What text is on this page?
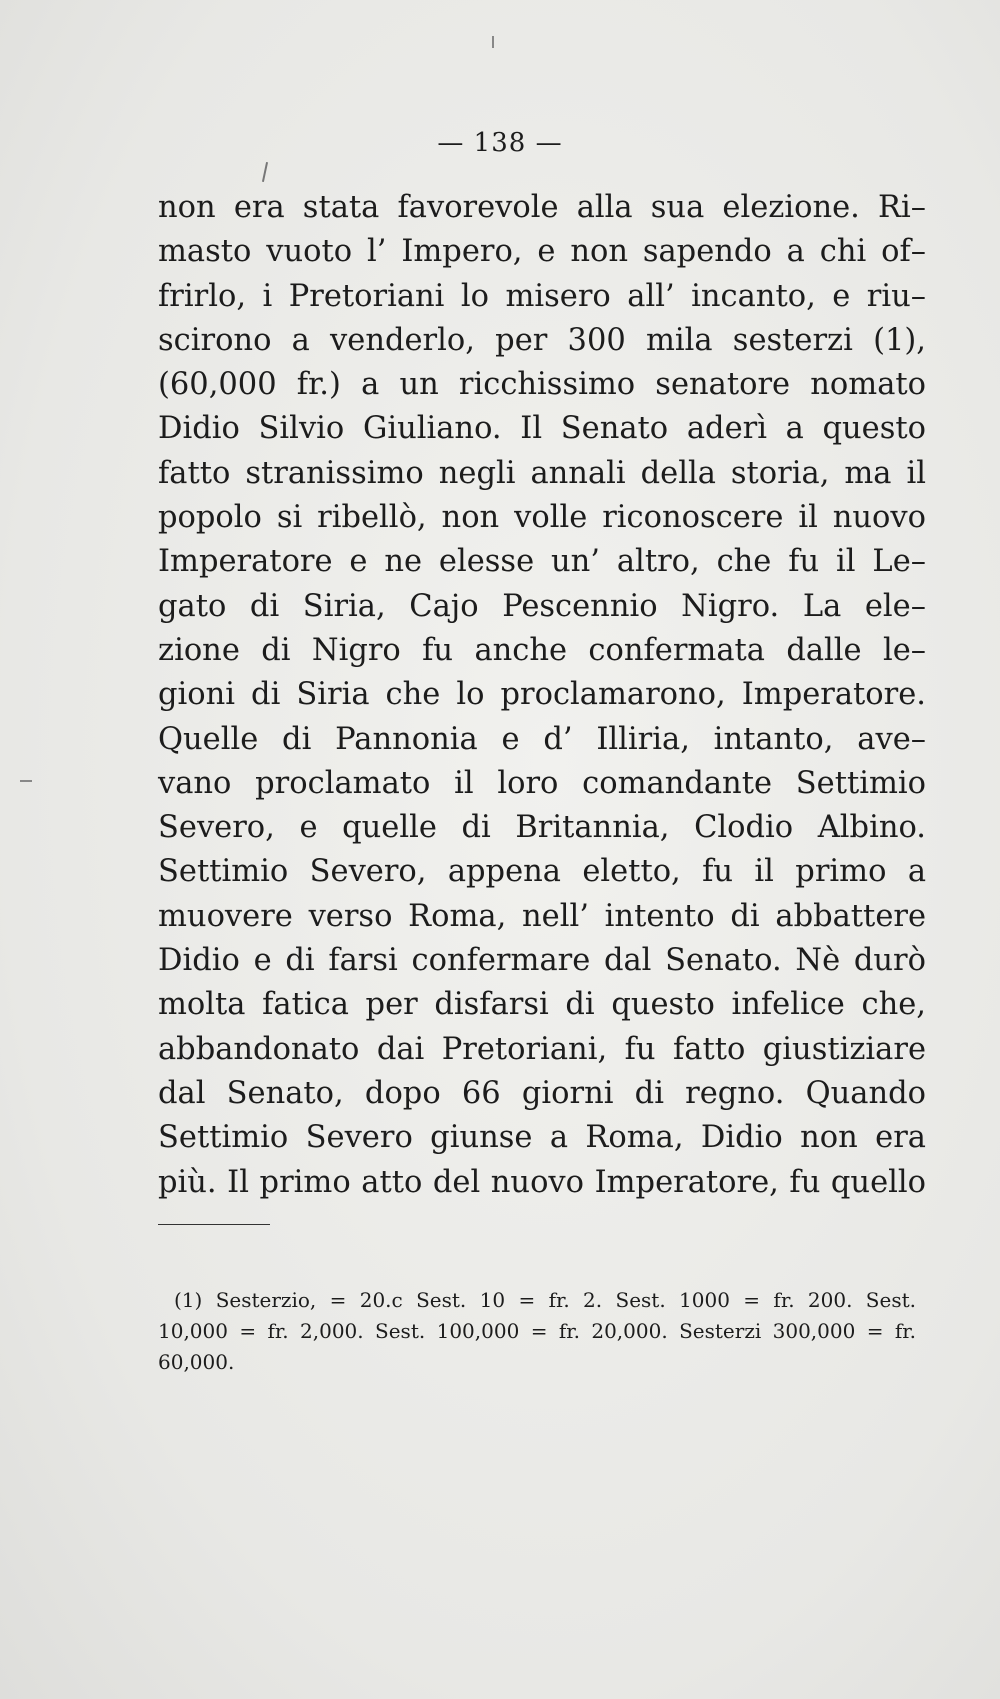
— 138 —
non era stata favorevole alla sua elezione. Ri–
masto vuoto l’ Impero, e non sapendo a chi of–
frirlo, i Pretoriani lo misero all’ incanto, e riu–
scirono a venderlo, per 300 mila sesterzi (1),
(60,000 fr.) a un ricchissimo senatore nomato
Didio Silvio Giuliano. Il Senato aderì a questo
fatto stranissimo negli annali della storia, ma il
popolo si ribellò, non volle riconoscere il nuovo
Imperatore e ne elesse un’ altro, che fu il Le–
gato di Siria, Cajo Pescennio Nigro. La ele–
zione di Nigro fu anche confermata dalle le–
gioni di Siria che lo proclamarono, Imperatore.
Quelle di Pannonia e d’ Illiria, intanto, ave–
vano proclamato il loro comandante Settimio
Severo, e quelle di Britannia, Clodio Albino.
Settimio Severo, appena eletto, fu il primo a
muovere verso Roma, nell’ intento di abbattere
Didio e di farsi confermare dal Senato. Nè durò
molta fatica per disfarsi di questo infelice che,
abbandonato dai Pretoriani, fu fatto giustiziare
dal Senato, dopo 66 giorni di regno. Quando
Settimio Severo giunse a Roma, Didio non era
più. Il primo atto del nuovo Imperatore, fu quello
(1) Sesterzio, = 20.c Sest. 10 = fr. 2. Sest. 1000 = fr. 200. Sest.
10,000 = fr. 2,000. Sest. 100,000 = fr. 20,000. Sesterzi 300,000 = fr.
60,000.
